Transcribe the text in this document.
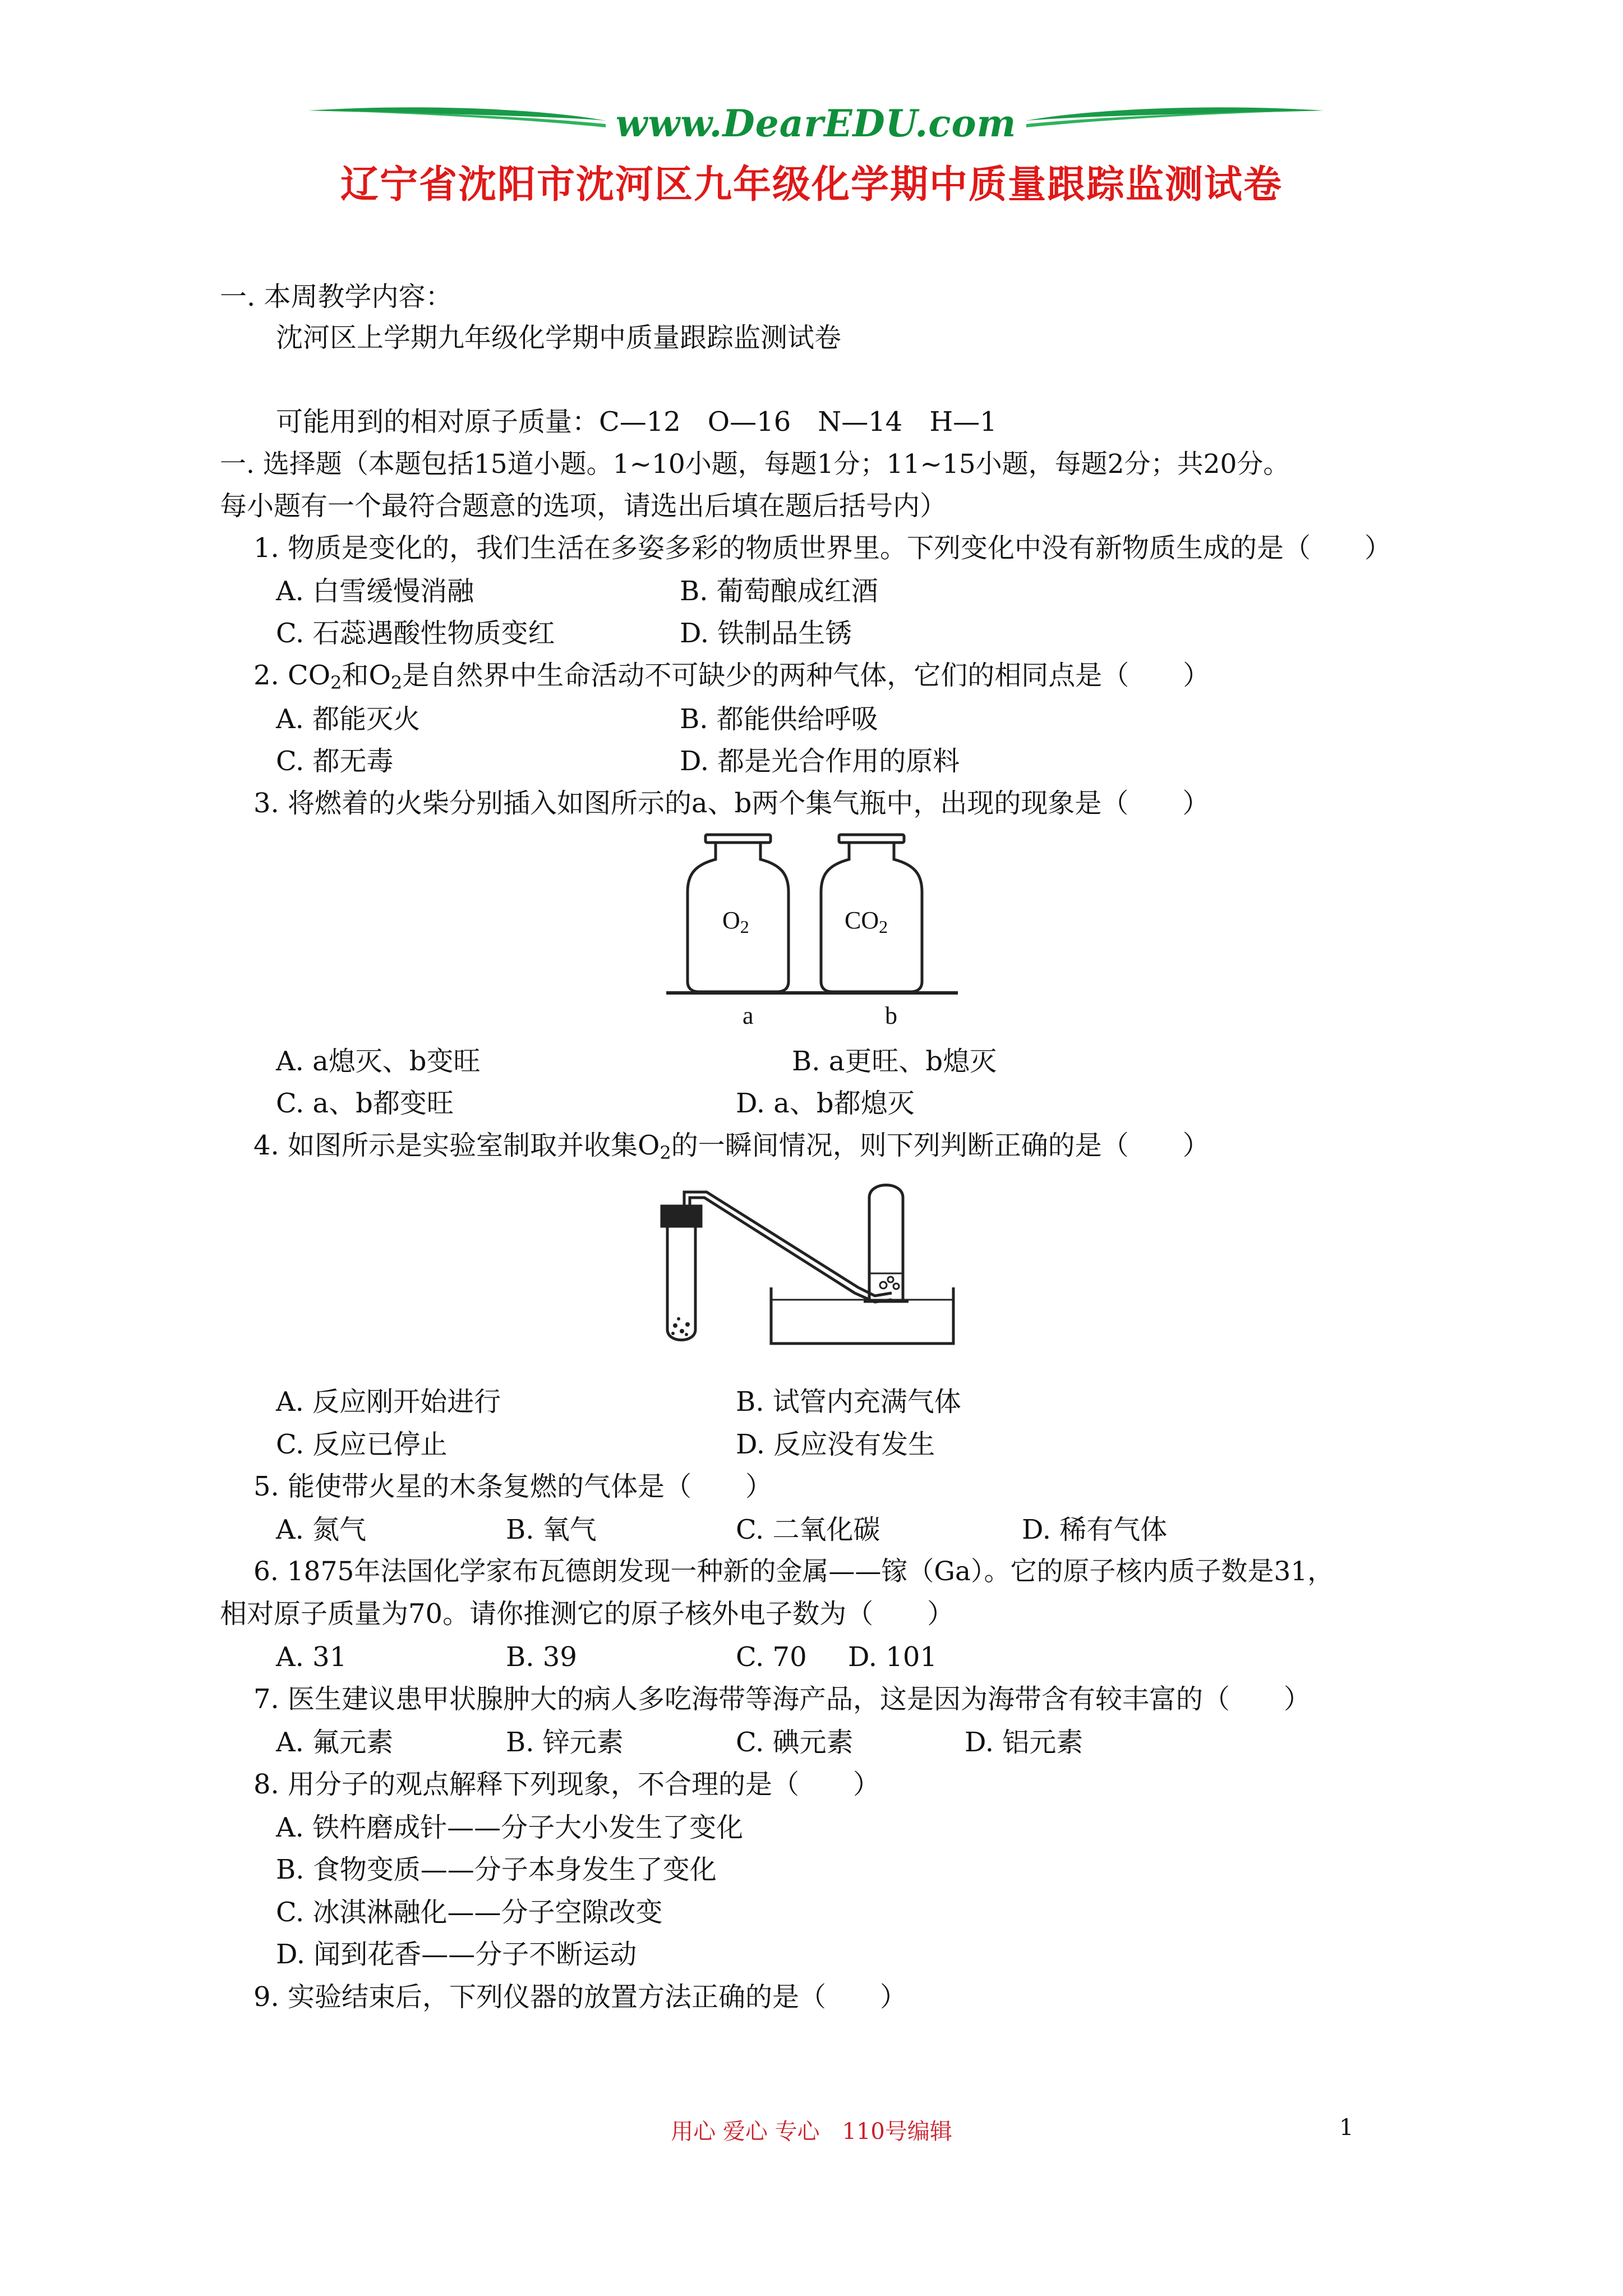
www.DearEDU.com
辽宁省沈阳市沈河区九年级化学期中质量跟踪监测试卷
一. 本周教学内容：
沈河区上学期九年级化学期中质量跟踪监测试卷
可能用到的相对原子质量：C—12　O—16　N—14　H—1
一. 选择题（本题包括15道小题。1~10小题，每题1分；11~15小题，每题2分；共20分。
每小题有一个最符合题意的选项，请选出后填在题后括号内）
1. 物质是变化的，我们生活在多姿多彩的物质世界里。下列变化中没有新物质生成的是（　　）
A. 白雪缓慢消融	B. 葡萄酿成红酒
C. 石蕊遇酸性物质变红	D. 铁制品生锈
2. $CO_2$和$O_2$是自然界中生命活动不可缺少的两种气体，它们的相同点是（　　）
A. 都能灭火	B. 都能供给呼吸
C. 都无毒	D. 都是光合作用的原料
3. 将燃着的火柴分别插入如图所示的a、b两个集气瓶中，出现的现象是（　　）
$O_2$	$CO_2$
a	b
A. a熄灭、b变旺	B. a更旺、b熄灭
C. a、b都变旺	D. a、b都熄灭
4. 如图所示是实验室制取并收集$O_2$的一瞬间情况，则下列判断正确的是（　　）
A. 反应刚开始进行	B. 试管内充满气体
C. 反应已停止	D. 反应没有发生
5. 能使带火星的木条复燃的气体是（　　）
A. 氮气	B. 氧气	C. 二氧化碳	D. 稀有气体
6. 1875年法国化学家布瓦德朗发现一种新的金属——镓（Ga）。它的原子核内质子数是31，
相对原子质量为70。请你推测它的原子核外电子数为（　　）
A. 31	B. 39	C. 70 D. 101
7. 医生建议患甲状腺肿大的病人多吃海带等海产品，这是因为海带含有较丰富的（　　）
A. 氟元素	B. 锌元素	C. 碘元素	D. 铝元素
8. 用分子的观点解释下列现象，不合理的是（　　）
A. 铁杵磨成针——分子大小发生了变化
B. 食物变质——分子本身发生了变化
C. 冰淇淋融化——分子空隙改变
D. 闻到花香——分子不断运动
9. 实验结束后，下列仪器的放置方法正确的是（　　）
用心 爱心 专心　110号编辑	1
